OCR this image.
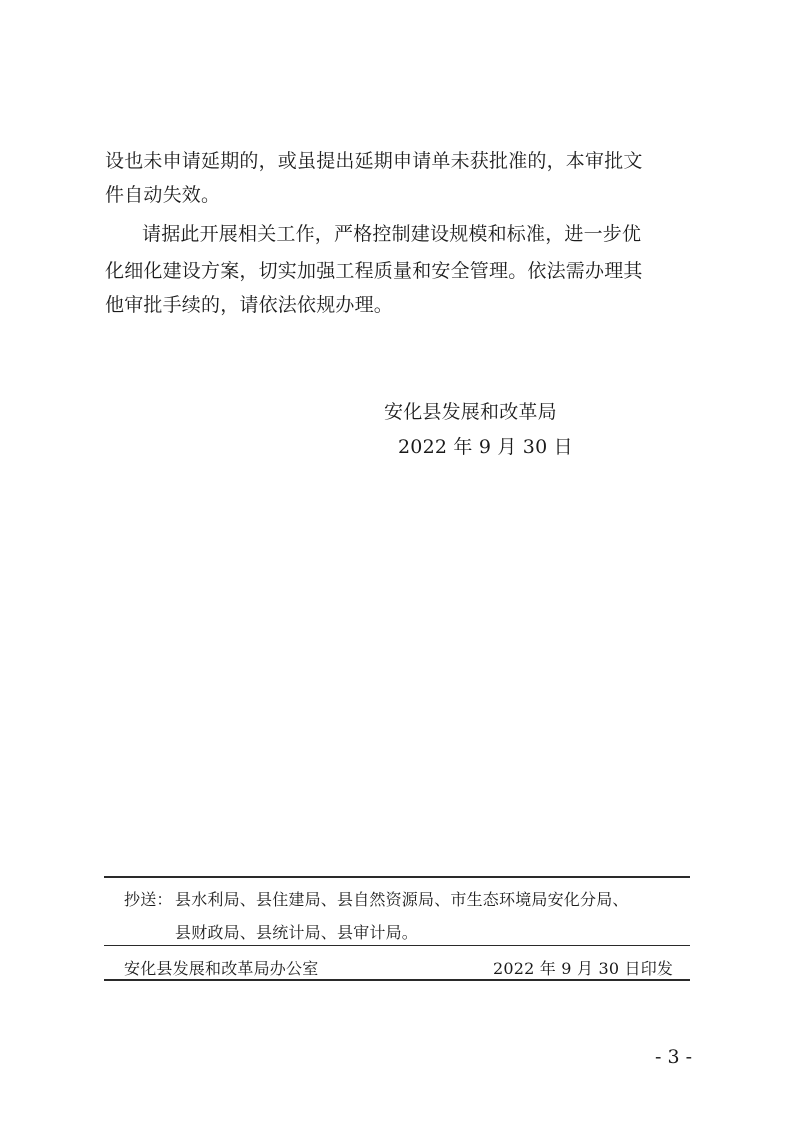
设也未申请延期的，或虽提出延期申请单未获批准的，本审批文
件自动失效。
请据此开展相关工作，严格控制建设规模和标准，进一步优
化细化建设方案，切实加强工程质量和安全管理。依法需办理其
他审批手续的，请依法依规办理。
安化县发展和改革局
2022 年 9 月 30 日
抄送： 县水利局、县住建局、县自然资源局、市生态环境局安化分局、
县财政局、县统计局、县审计局。
安化县发展和改革局办公室	2022 年 9 月 30 日印发
- 3 -
